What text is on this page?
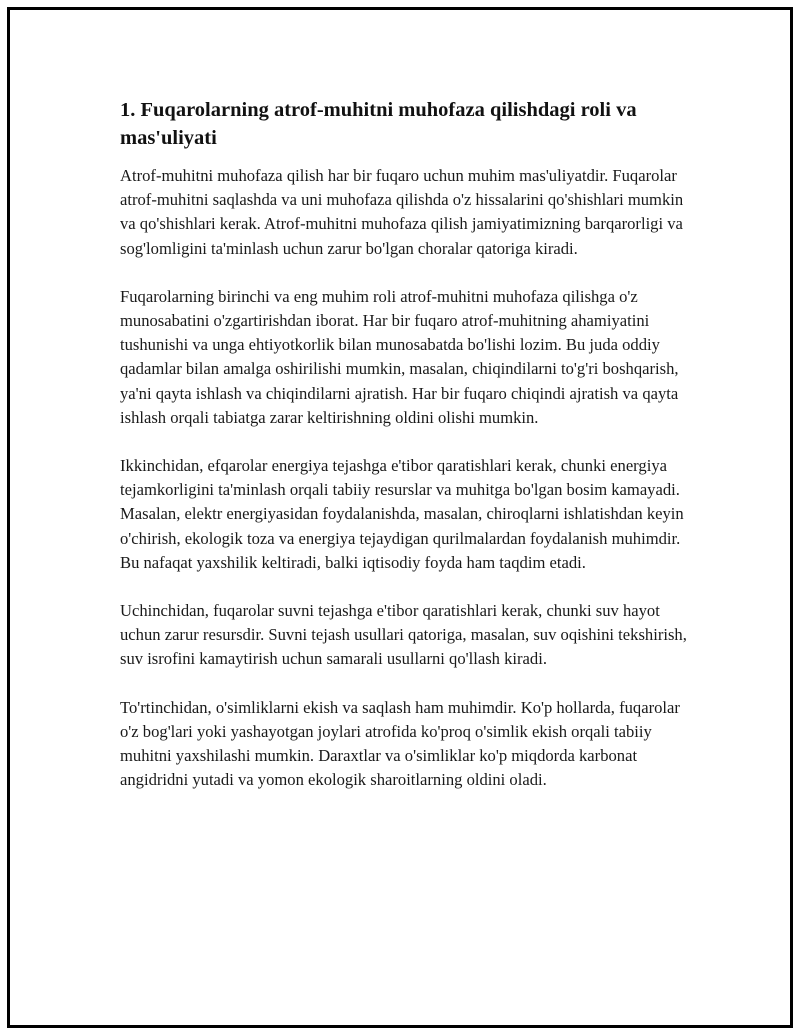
1. Fuqarolarning atrof-muhitni muhofaza qilishdagi roli va mas'uliyati

Atrof-muhitni muhofaza qilish har bir fuqaro uchun muhim mas'uliyatdir. Fuqarolar atrof-muhitni saqlashda va uni muhofaza qilishda o'z hissalarini qo'shishlari mumkin va qo'shishlari kerak. Atrof-muhitni muhofaza qilish jamiyatimizning barqarorligi va sog'lomligini ta'minlash uchun zarur bo'lgan choralar qatoriga kiradi.

Fuqarolarning birinchi va eng muhim roli atrof-muhitni muhofaza qilishga o'z munosabatini o'zgartirishdan iborat. Har bir fuqaro atrof-muhitning ahamiyatini tushunishi va unga ehtiyotkorlik bilan munosabatda bo'lishi lozim. Bu juda oddiy qadamlar bilan amalga oshirilishi mumkin, masalan, chiqindilarni to'g'ri boshqarish, ya'ni qayta ishlash va chiqindilarni ajratish. Har bir fuqaro chiqindi ajratish va qayta ishlash orqali tabiatga zarar keltirishning oldini olishi mumkin.

Ikkinchidan, efqarolar energiya tejashga e'tibor qaratishlari kerak, chunki energiya tejamkorligini ta'minlash orqali tabiiy resurslar va muhitga bo'lgan bosim kamayadi. Masalan, elektr energiyasidan foydalanishda, masalan, chiroqlarni ishlatishdan keyin o'chirish, ekologik toza va energiya tejaydigan qurilmalardan foydalanish muhimdir. Bu nafaqat yaxshilik keltiradi, balki iqtisodiy foyda ham taqdim etadi.

Uchinchidan, fuqarolar suvni tejashga e'tibor qaratishlari kerak, chunki suv hayot uchun zarur resursdir. Suvni tejash usullari qatoriga, masalan, suv oqishini tekshirish, suv isrofini kamaytirish uchun samarali usullarni qo'llash kiradi.

To'rtinchidan, o'simliklarni ekish va saqlash ham muhimdir. Ko'p hollarda, fuqarolar o'z bog'lari yoki yashayotgan joylari atrofida ko'proq o'simlik ekish orqali tabiiy muhitni yaxshilashi mumkin. Daraxtlar va o'simliklar ko'p miqdorda karbonat angidridni yutadi va yomon ekologik sharoitlarning oldini oladi.
